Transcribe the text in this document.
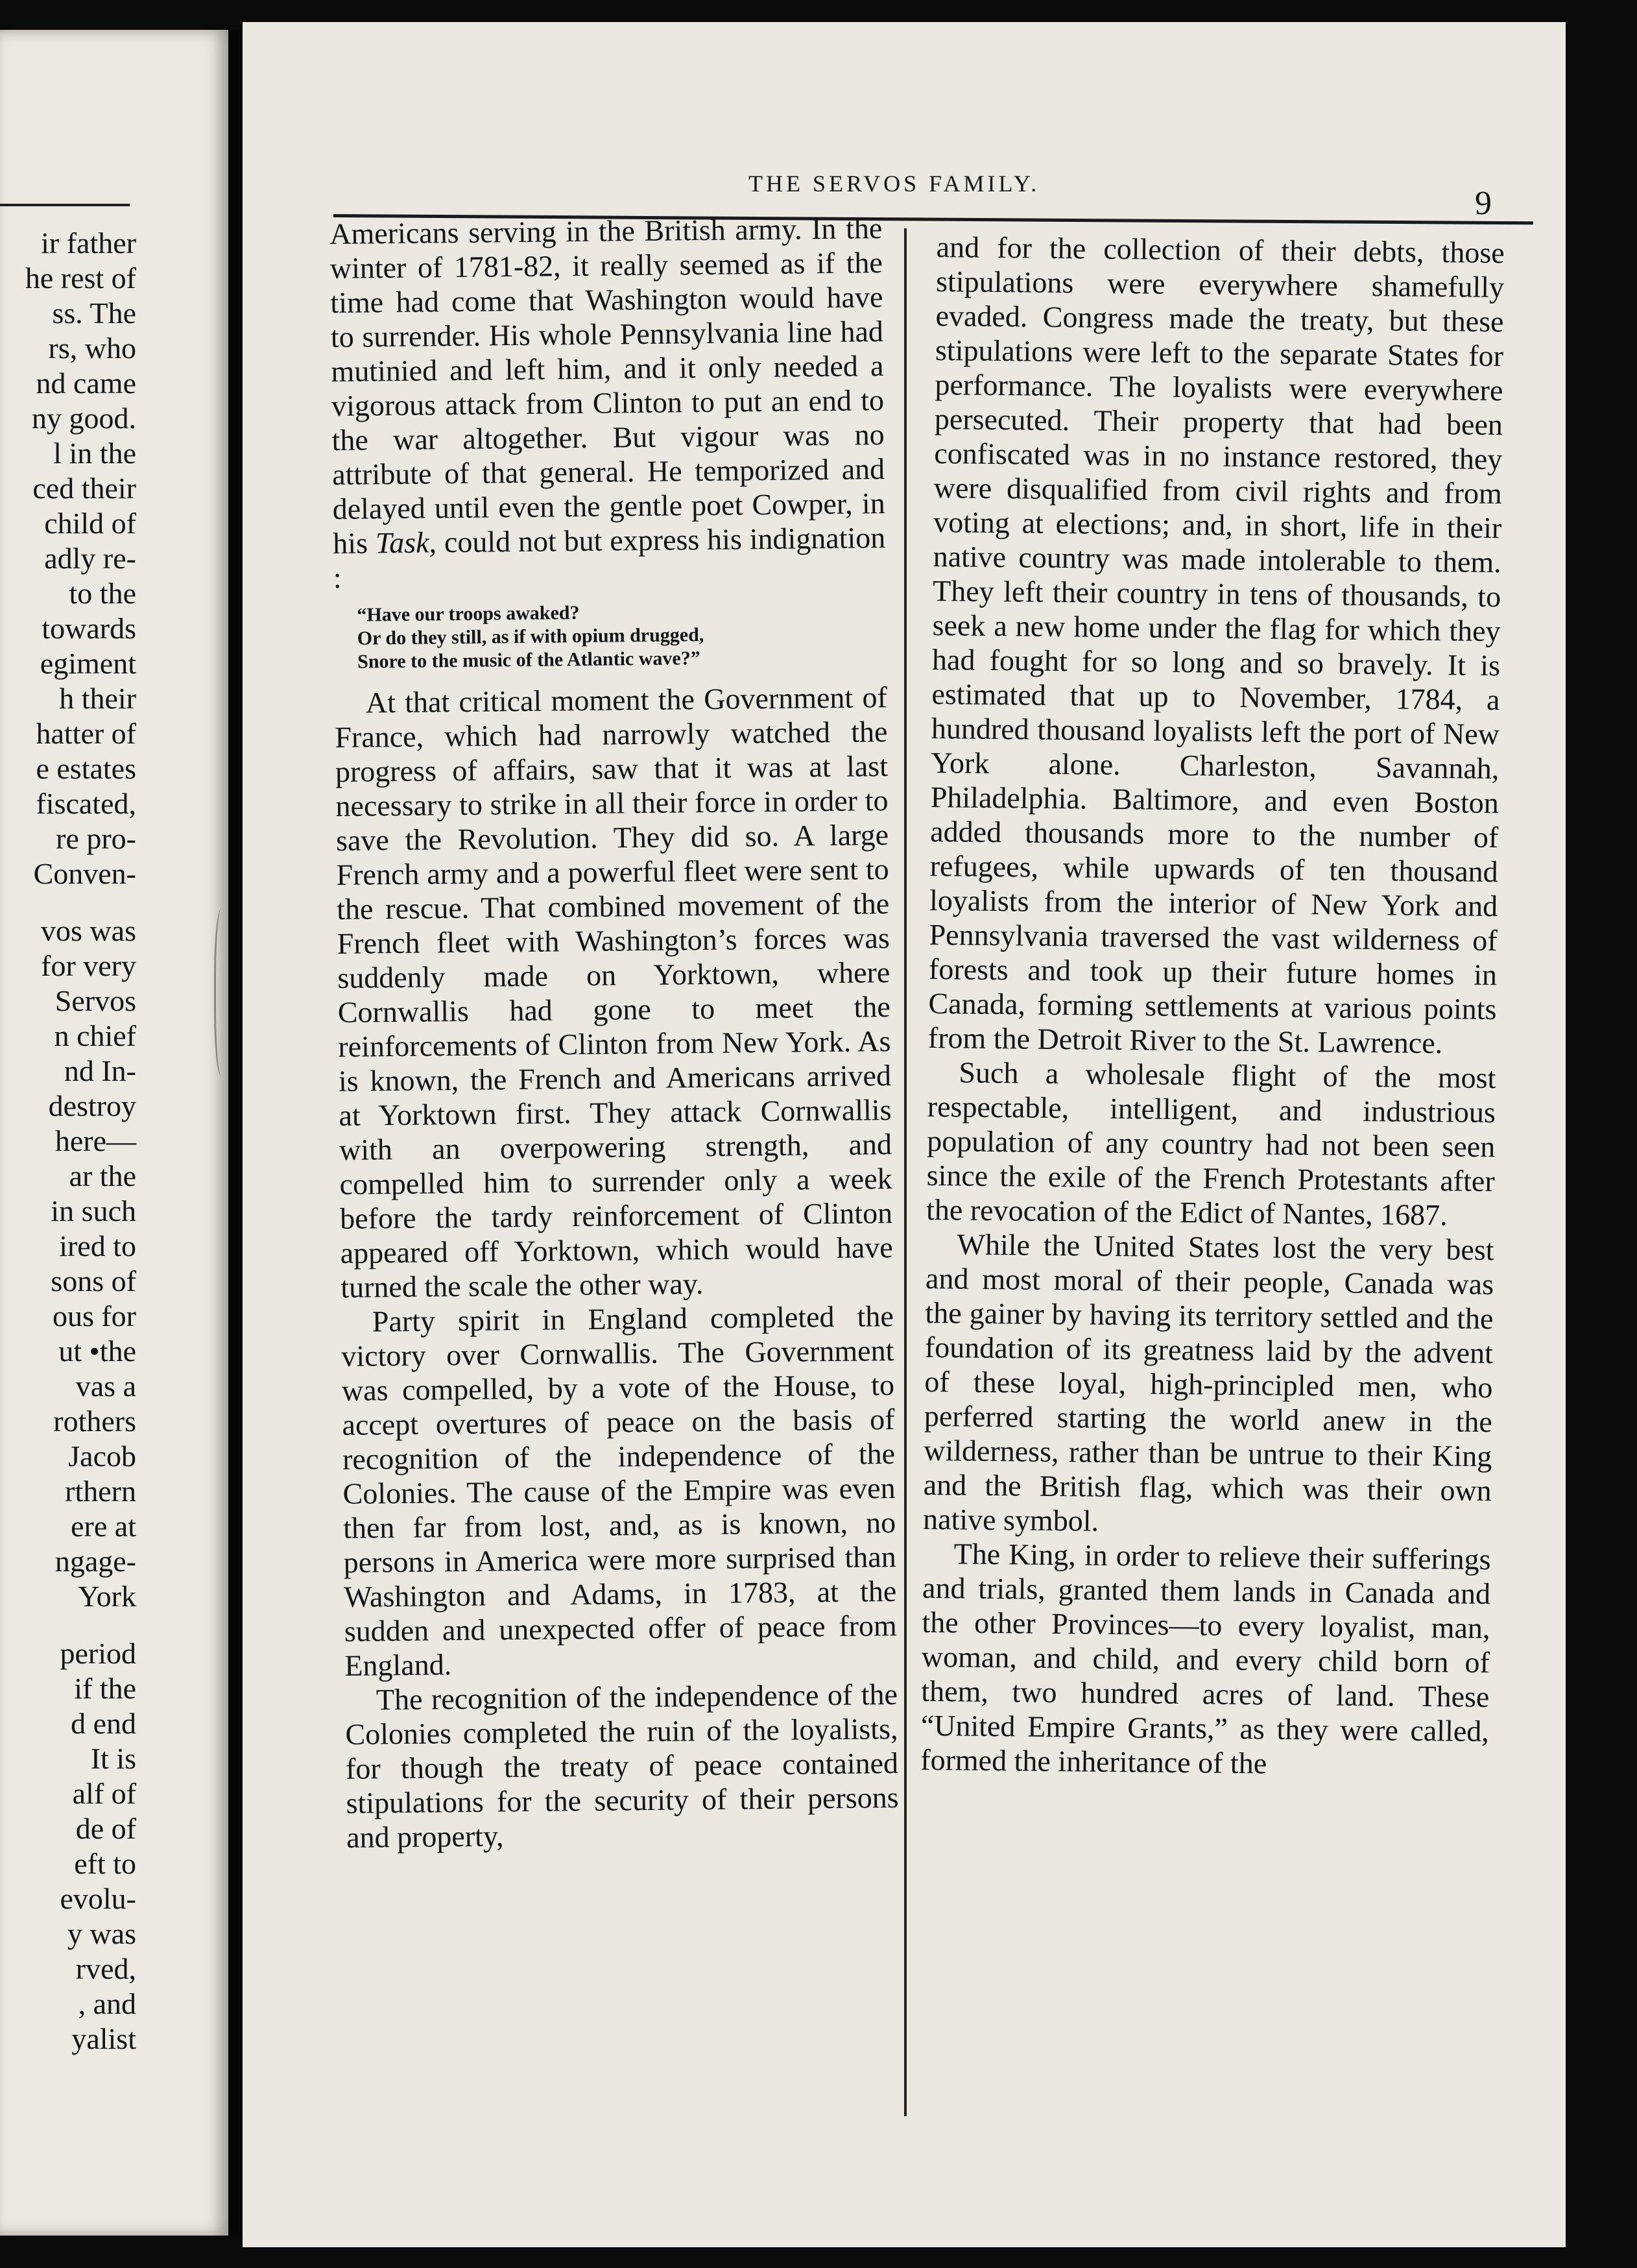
ir father
he rest of
ss. The
rs, who
nd came
ny good.
l in the
ced their
child of
adly re-
to the
towards
egiment
h their
hatter of
e estates
fiscated,
re pro-
Conven-
vos was
for very
Servos
n chief
nd In-
destroy
here—
ar the
in such
ired to
sons of
ous for
ut •the
vas a
rothers
Jacob
rthern
ere at
ngage-
York
period
if the
d end
It is
alf of
de of
eft to
evolu-
y was
rved,
, and
yalist
THE SERVOS FAMILY.
9

Americans serving in the British army. In the winter of 1781-82, it really seemed as if the time had come that Washington would have to surrender. His whole Pennsylvania line had mutinied and left him, and it only needed a vigorous attack from Clinton to put an end to the war altogether. But vigour was no attribute of that general. He temporized and delayed until even the gentle poet Cowper, in his Task, could not but express his indignation :

“Have our troops awaked?
Or do they still, as if with opium drugged,
Snore to the music of the Atlantic wave?”

At that critical moment the Government of France, which had narrowly watched the progress of affairs, saw that it was at last necessary to strike in all their force in order to save the Revolution. They did so. A large French army and a powerful fleet were sent to the rescue. That combined movement of the French fleet with Washington’s forces was suddenly made on Yorktown, where Cornwallis had gone to meet the reinforcements of Clinton from New York. As is known, the French and Americans arrived at Yorktown first. They attack Cornwallis with an overpowering strength, and compelled him to surrender only a week before the tardy reinforcement of Clinton appeared off Yorktown, which would have turned the scale the other way.

Party spirit in England completed the victory over Cornwallis. The Government was compelled, by a vote of the House, to accept overtures of peace on the basis of recognition of the independence of the Colonies. The cause of the Empire was even then far from lost, and, as is known, no persons in America were more surprised than Washington and Adams, in 1783, at the sudden and unexpected offer of peace from England.

The recognition of the independence of the Colonies completed the ruin of the loyalists, for though the treaty of peace contained stipulations for the security of their persons and property,

and for the collection of their debts, those stipulations were everywhere shamefully evaded. Congress made the treaty, but these stipulations were left to the separate States for performance. The loyalists were everywhere persecuted. Their property that had been confiscated was in no instance restored, they were disqualified from civil rights and from voting at elections; and, in short, life in their native country was made intolerable to them. They left their country in tens of thousands, to seek a new home under the flag for which they had fought for so long and so bravely. It is estimated that up to November, 1784, a hundred thousand loyalists left the port of New York alone. Charleston, Savannah, Philadelphia. Baltimore, and even Boston added thousands more to the number of refugees, while upwards of ten thousand loyalists from the interior of New York and Pennsylvania traversed the vast wilderness of forests and took up their future homes in Canada, forming settlements at various points from the Detroit River to the St. Lawrence.

Such a wholesale flight of the most respectable, intelligent, and industrious population of any country had not been seen since the exile of the French Protestants after the revocation of the Edict of Nantes, 1687.

While the United States lost the very best and most moral of their people, Canada was the gainer by having its territory settled and the foundation of its greatness laid by the advent of these loyal, high-principled men, who perferred starting the world anew in the wilderness, rather than be untrue to their King and the British flag, which was their own native symbol.

The King, in order to relieve their sufferings and trials, granted them lands in Canada and the other Provinces—to every loyalist, man, woman, and child, and every child born of them, two hundred acres of land. These “United Empire Grants,” as they were called, formed the inheritance of the
